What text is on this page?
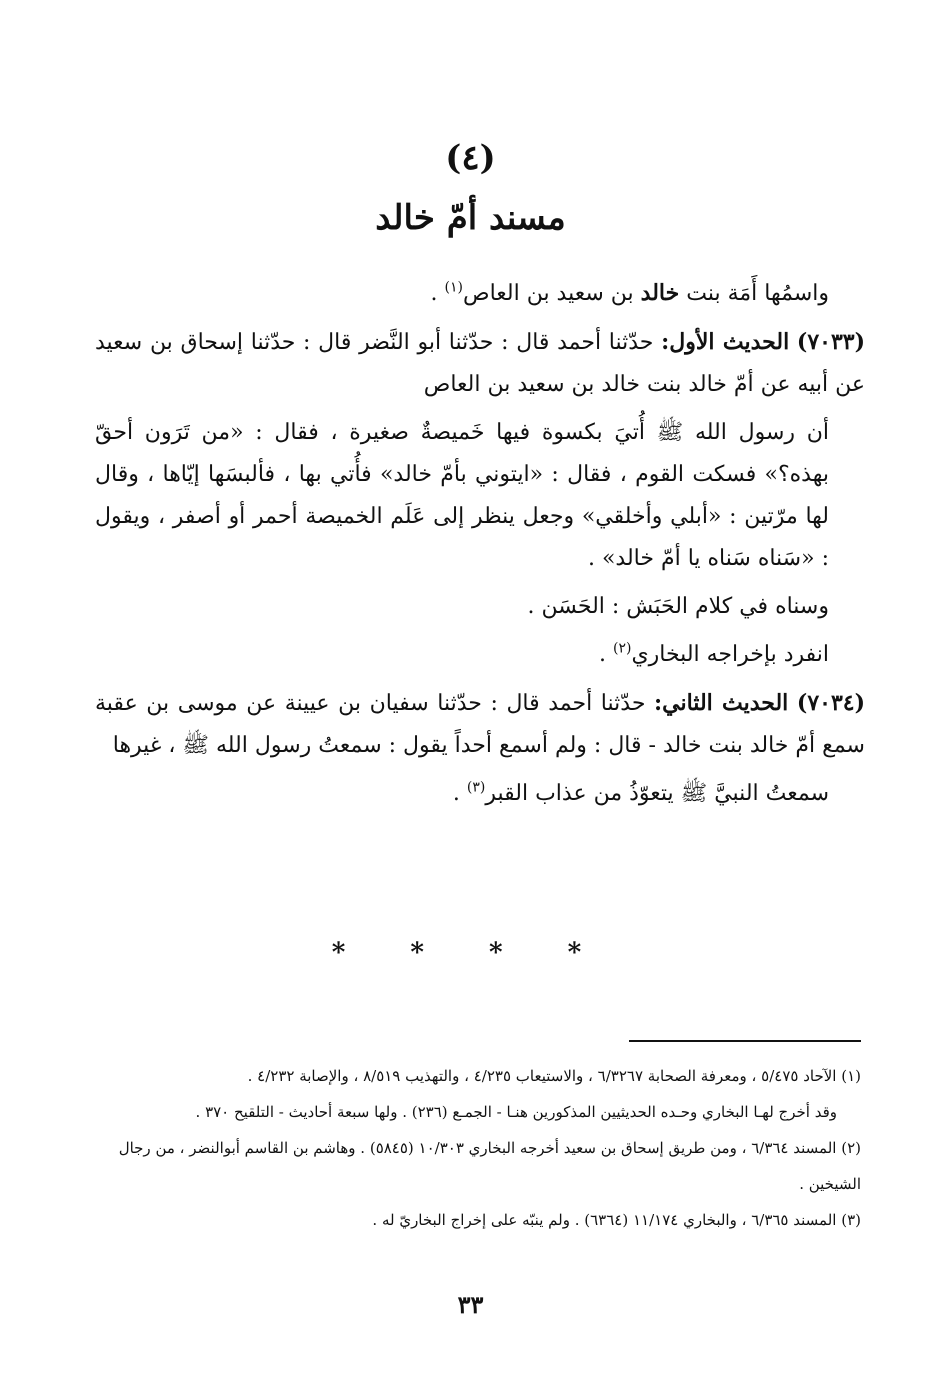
(٤)
مسند أمّ خالد

واسمُها أَمَة بنت خالد بن سعيد بن العاص$^{(١)}$ .

(٧٠٣٣) الحديث الأول: حدّثنا أحمد قال : حدّثنا أبو النَّضر قال : حدّثنا إسحاق بن سعيد عن أبيه عن أمّ خالد بنت خالد بن سعيد بن العاص

أن رسول الله ﷺ أُتيَ بكسوة فيها خَميصةٌ صغيرة ، فقال : «من تَرَون أحقّ بهذه؟» فسكت القوم ، فقال : «ايتوني بأمّ خالد» فأُتي بها ، فألبسَها إيّاها ، وقال لها مرّتين : «أبلي وأخلقي» وجعل ينظر إلى عَلَم الخميصة أحمر أو أصفر ، ويقول : «سَناه سَناه يا أمّ خالد» .

وسناه في كلام الحَبَش : الحَسَن .

انفرد بإخراجه البخاري$^{(٢)}$ .

(٧٠٣٤) الحديث الثاني: حدّثنا أحمد قال : حدّثنا سفيان بن عيينة عن موسى بن عقبة سمع أمّ خالد بنت خالد - قال : ولم أسمع أحداً يقول : سمعتُ رسول الله ﷺ ، غيرها

سمعتُ النبيَّ ﷺ يتعوّذُ من عذاب القبر$^{(٣)}$ .

* * * *

(١) الآحاد ٥/٤٧٥ ، ومعرفة الصحابة ٦/٣٢٦٧ ، والاستيعاب ٤/٢٣٥ ، والتهذيب ٨/٥١٩ ، والإصابة ٤/٢٣٢ .

وقد أخرج لهـا البخاري وحـده الحديثيين المذكورين هنـا - الجمـع (٢٣٦) . ولها سبعة أحاديث - التلقيح ٣٧٠ .

(٢) المسند ٦/٣٦٤ ، ومن طريق إسحاق بن سعيد أخرجه البخاري ١٠/٣٠٣ (٥٨٤٥) . وهاشم بن القاسم أبوالنضر ، من رجال الشيخين .

(٣) المسند ٦/٣٦٥ ، والبخاري ١١/١٧٤ (٦٣٦٤) . ولم ينبّه على إخراج البخاريّ له .

٣٣
